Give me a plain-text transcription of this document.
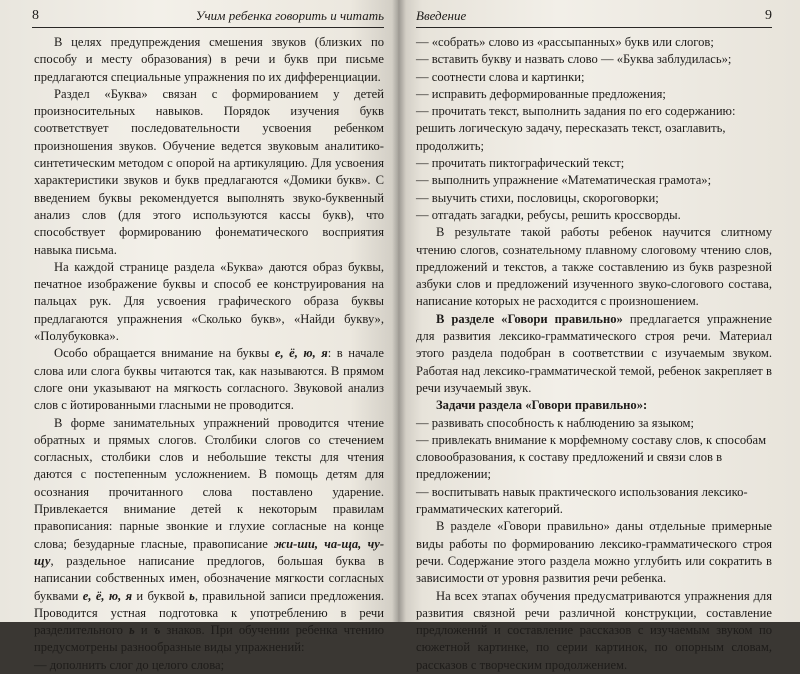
8	Учим ребенка говорить и читать

В целях предупреждения смешения звуков (близких по способу и месту образования) в речи и букв при письме предлагаются специальные упражнения по их дифференциации.

Раздел «Буква» связан с формированием у детей произносительных навыков. Порядок изучения букв соответствует последовательности усвоения ребенком произношения звуков. Обучение ведется звуковым аналитико-синтетическим методом с опорой на артикуляцию. Для усвоения характеристики звуков и букв предлагаются «Домики букв». С введением буквы рекомендуется выполнять звуко-буквенный анализ слов (для этого используются кассы букв), что способствует формированию фонематического восприятия навыка письма.

На каждой странице раздела «Буква» даются образ буквы, печатное изображение буквы и способ ее конструирования на пальцах рук. Для усвоения графического образа буквы предлагаются упражнения «Сколько букв», «Найди букву», «Полубуковка».

Особо обращается внимание на буквы е, ё, ю, я: в начале слова или слога буквы читаются так, как называются. В прямом слоге они указывают на мягкость согласного. Звуковой анализ слов с йотированными гласными не проводится.

В форме занимательных упражнений проводится чтение обратных и прямых слогов. Столбики слогов со стечением согласных, столбики слов и небольшие тексты для чтения даются с постепенным усложнением. В помощь детям для осознания прочитанного слова поставлено ударение. Привлекается внимание детей к некоторым правилам правописания: парные звонкие и глухие согласные на конце слова; безударные гласные, правописание жи-ши, ча-ща, чу-щу, раздельное написание предлогов, большая буква в написании собственных имен, обозначение мягкости согласных буквами е, ё, ю, я и буквой ь, правильной записи предложения. Проводится устная подготовка к употреблению в речи разделительного ь и ъ знаков. При обучении ребенка чтению предусмотрены разнообразные виды упражнений:

— дополнить слог до целого слова;
Введение	9
— «собрать» слово из «рассыпанных» букв или слогов;
— вставить букву и назвать слово — «Буква заблудилась»;
— соотнести слова и картинки;
— исправить деформированные предложения;
— прочитать текст, выполнить задания по его содержанию: решить логическую задачу, пересказать текст, озаглавить, продолжить;
— прочитать пиктографический текст;
— выполнить упражнение «Математическая грамота»;
— выучить стихи, пословицы, скороговорки;
— отгадать загадки, ребусы, решить кроссворды.

В результате такой работы ребенок научится слитному чтению слогов, сознательному плавному слоговому чтению слов, предложений и текстов, а также составлению из букв разрезной азбуки слов и предложений изученного звуко-слогового состава, написание которых не расходится с произношением.

В разделе «Говори правильно» предлагается упражнение для развития лексико-грамматического строя речи. Материал этого раздела подобран в соответствии с изучаемым звуком. Работая над лексико-грамматической темой, ребенок закрепляет в речи изучаемый звук.

Задачи раздела «Говори правильно»:

— развивать способность к наблюдению за языком;
— привлекать внимание к морфемному составу слов, к способам словообразования, к составу предложений и связи слов в предложении;
— воспитывать навык практического использования лексико-грамматических категорий.

В разделе «Говори правильно» даны отдельные примерные виды работы по формированию лексико-грамматического строя речи. Содержание этого раздела можно углубить или сократить в зависимости от уровня развития речи ребенка.

На всех этапах обучения предусматриваются упражнения для развития связной речи различной конструкции, составление предложений и составление рассказов с изучаемым звуком по сюжетной картинке, по серии картинок, по опорным словам, рассказов с творческим продолжением.
